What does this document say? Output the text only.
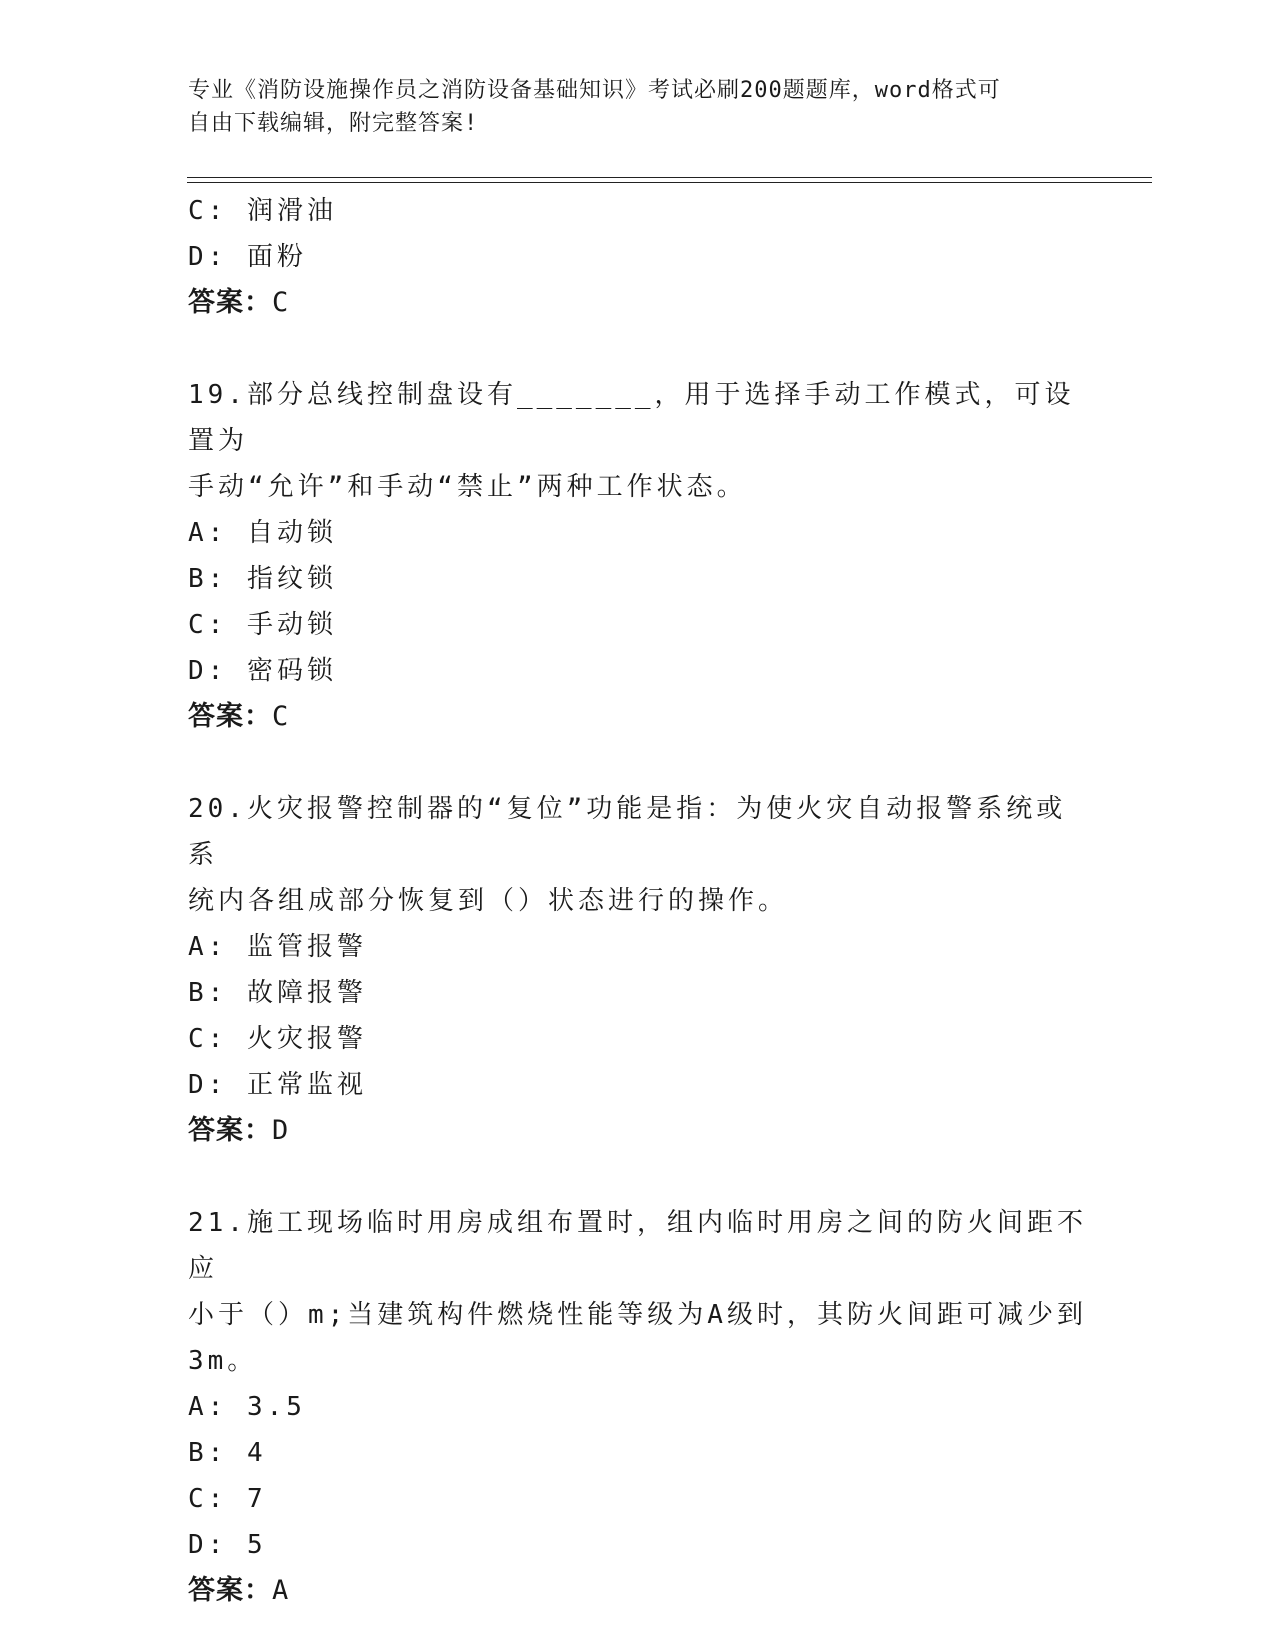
专业《消防设施操作员之消防设备基础知识》考试必刷200题题库，word格式可
自由下载编辑，附完整答案!
C: 润滑油
D: 面粉
答案：C
19.部分总线控制盘设有_______，用于选择手动工作模式，可设置为
手动“允许”和手动“禁止”两种工作状态。
A: 自动锁
B: 指纹锁
C: 手动锁
D: 密码锁
答案：C
20.火灾报警控制器的“复位”功能是指：为使火灾自动报警系统或系
统内各组成部分恢复到（）状态进行的操作。
A: 监管报警
B: 故障报警
C: 火灾报警
D: 正常监视
答案：D
21.施工现场临时用房成组布置时，组内临时用房之间的防火间距不应
小于（）m;当建筑构件燃烧性能等级为A级时，其防火间距可减少到
3m。
A: 3.5
B: 4
C: 7
D: 5
答案：A
